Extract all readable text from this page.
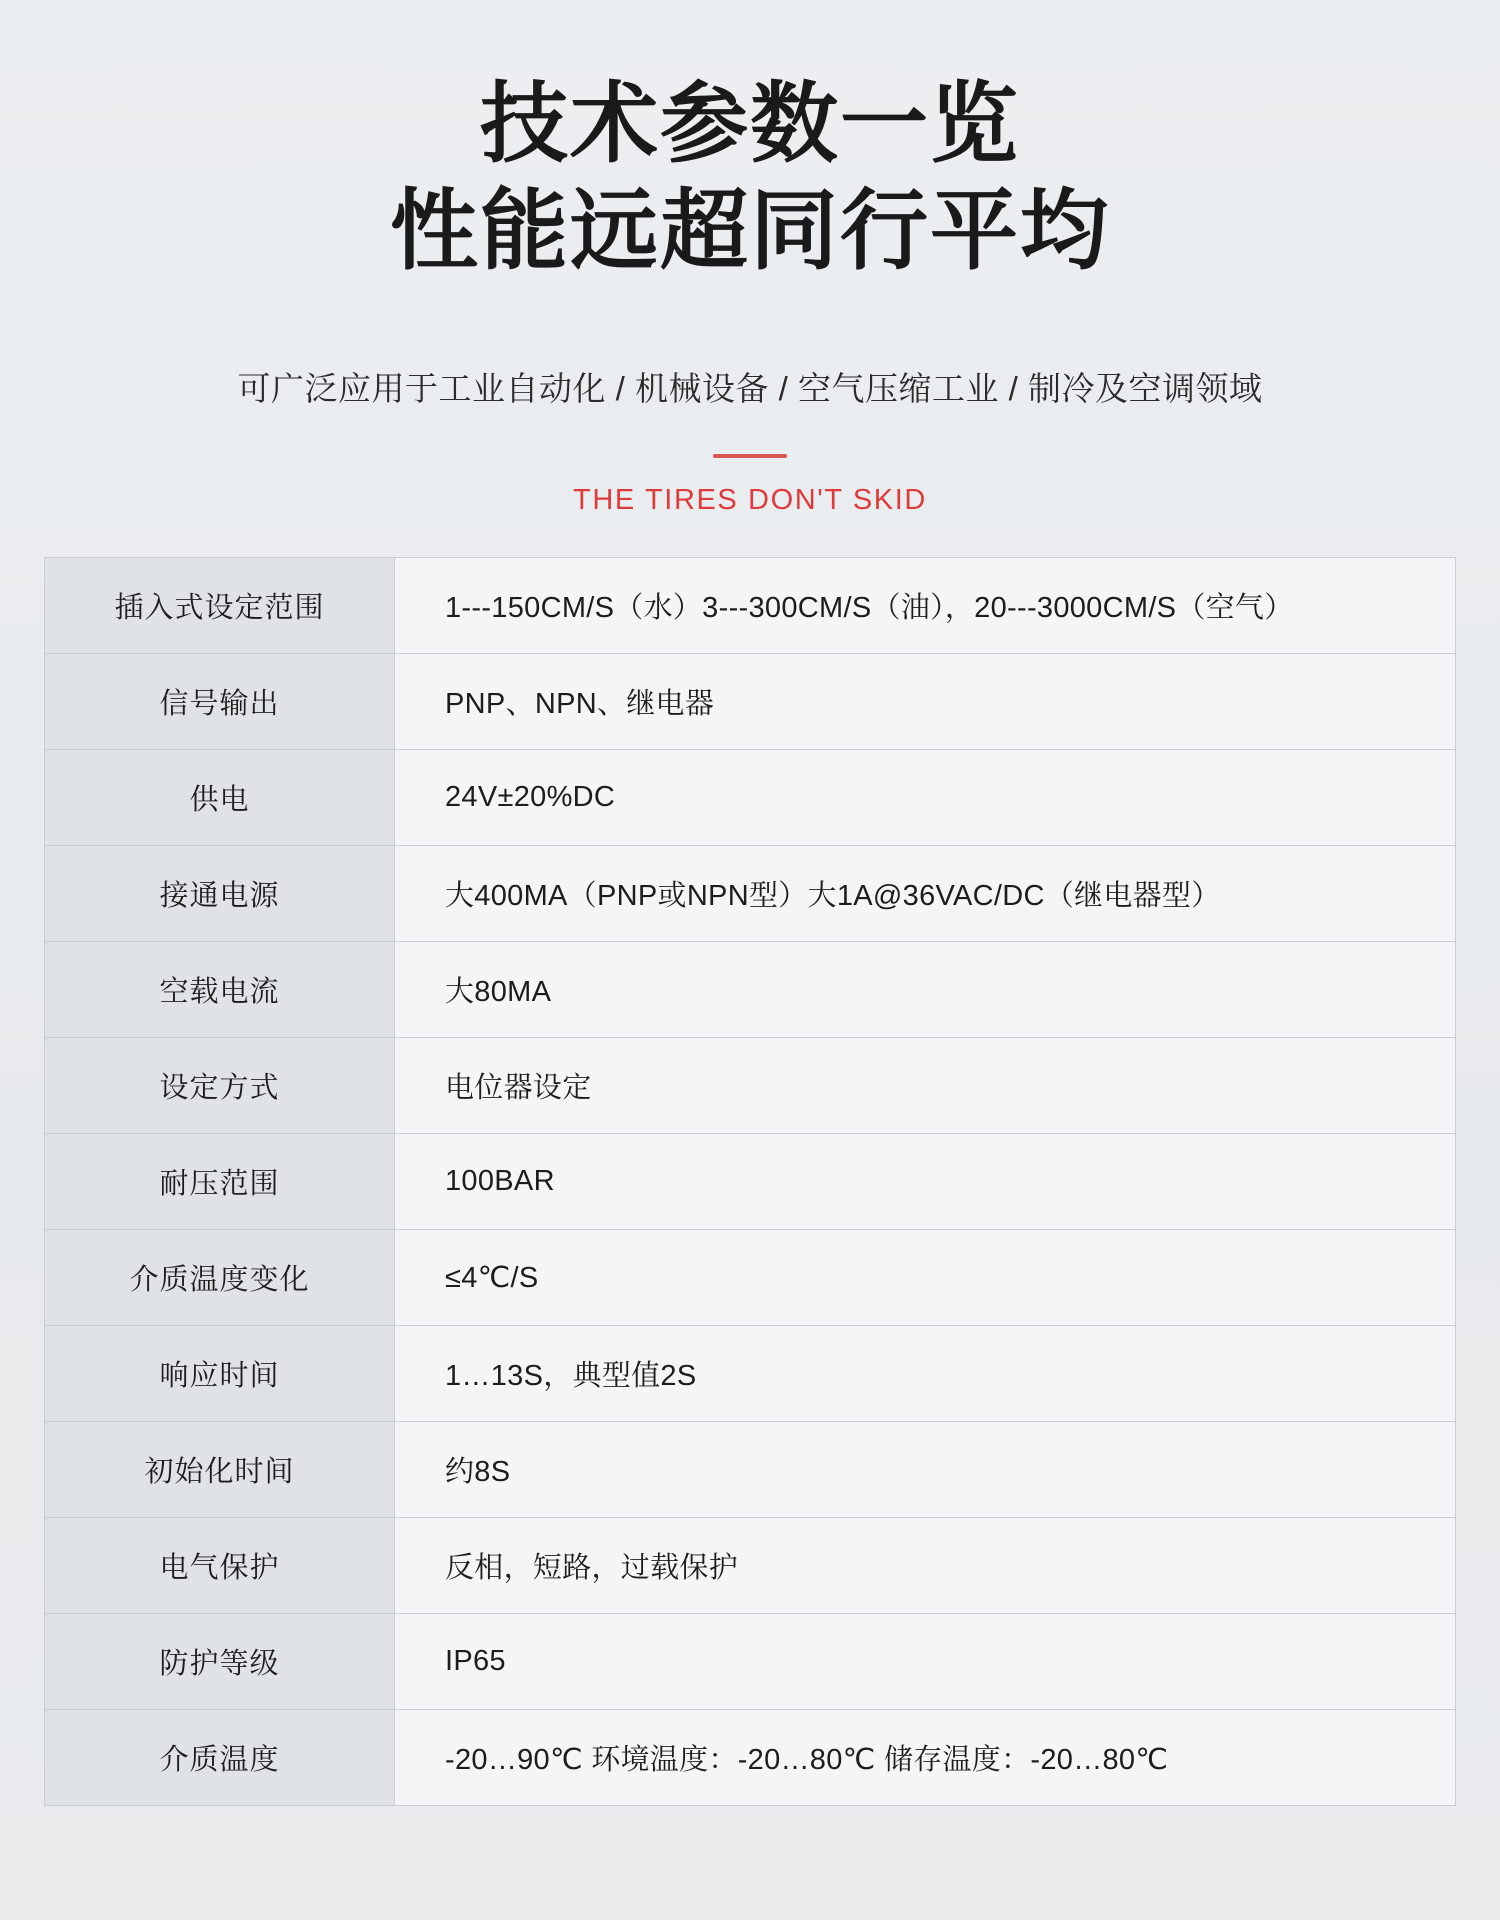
技术参数一览
性能远超同行平均
可广泛应用于工业自动化 / 机械设备 / 空气压缩工业 / 制冷及空调领域
THE TIRES DON'T SKID
插入式设定范围	1---150CM/S（水）3---300CM/S（油），20---3000CM/S（空气）
信号输出	PNP、NPN、继电器
供电	24V±20%DC
接通电源	大400MA（PNP或NPN型）大1A@36VAC/DC（继电器型）
空载电流	大80MA
设定方式	电位器设定
耐压范围	100BAR
介质温度变化	≤4℃/S
响应时间	1…13S，典型值2S
初始化时间	约8S
电气保护	反相，短路，过载保护
防护等级	IP65
介质温度	-20…90℃ 环境温度：-20…80℃ 储存温度：-20…80℃
